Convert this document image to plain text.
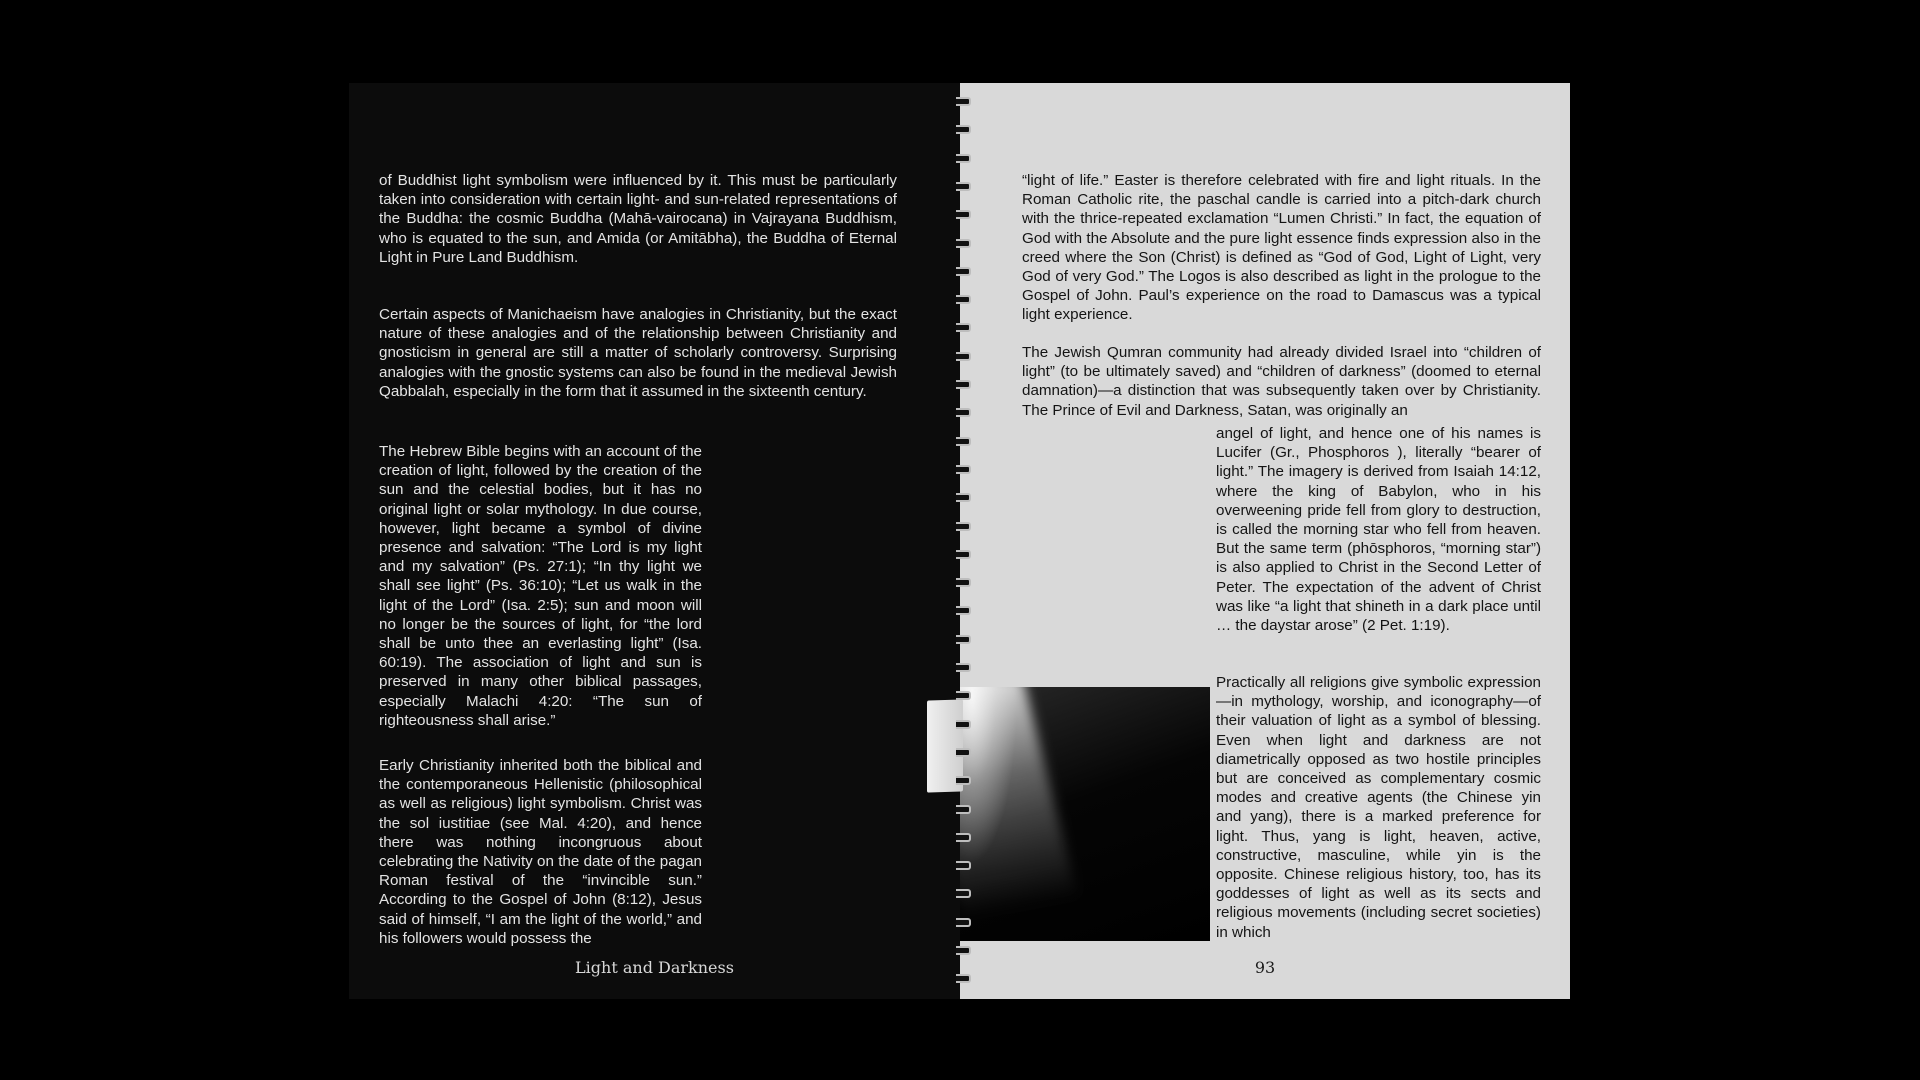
of Buddhist light symbolism were influenced by it. This must be particularly taken into consideration with certain light- and sun-related representations of the Buddha: the cosmic Buddha (Mahā-vairocana) in Vajrayana Buddhism, who is equated to the sun, and Amida (or Amitābha), the Buddha of Eternal Light in Pure Land Buddhism.

Certain aspects of Manichaeism have analogies in Christianity, but the exact nature of these analogies and of the relationship between Christianity and gnosticism in general are still a matter of scholarly controversy. Surprising analogies with the gnostic systems can also be found in the medieval Jewish Qabbalah, especially in the form that it assumed in the sixteenth century.

The Hebrew Bible begins with an account of the creation of light, followed by the creation of the sun and the celestial bodies, but it has no original light or solar mythology. In due course, however, light became a symbol of divine presence and salvation: “The Lord is my light and my salvation” (Ps. 27:1); “In thy light we shall see light” (Ps. 36:10); “Let us walk in the light of the Lord” (Isa. 2:5); sun and moon will no longer be the sources of light, for “the lord shall be unto thee an everlasting light” (Isa. 60:19). The association of light and sun is preserved in many other biblical passages, especially Malachi 4:20: “The sun of righteousness shall arise.”

Early Christianity inherited both the biblical and the contemporaneous Hellenistic (philosophical as well as religious) light symbolism. Christ was the sol iustitiae (see Mal. 4:20), and hence there was nothing incongruous about celebrating the Nativity on the date of the pagan Roman festival of the “invincible sun.” According to the Gospel of John (8:12), Jesus said of himself, “I am the light of the world,” and his followers would possess the

Light and Darkness

“light of life.” Easter is therefore celebrated with fire and light rituals. In the Roman Catholic rite, the paschal candle is carried into a pitch-dark church with the thrice-repeated exclamation “Lumen Christi.” In fact, the equation of God with the Absolute and the pure light essence finds expression also in the creed where the Son (Christ) is defined as “God of God, Light of Light, very God of very God.” The Logos is also described as light in the prologue to the Gospel of John. Paul’s experience on the road to Damascus was a typical light experience.

The Jewish Qumran community had already divided Israel into “children of light” (to be ultimately saved) and “children of darkness” (doomed to eternal damnation)—a distinction that was subsequently taken over by Christianity. The Prince of Evil and Darkness, Satan, was originally an

angel of light, and hence one of his names is Lucifer (Gr., Phosphoros ), literally “bearer of light.” The imagery is derived from Isaiah 14:12, where the king of Babylon, who in his overweening pride fell from glory to destruction, is called the morning star who fell from heaven. But the same term (phōsphoros, “morning star”) is also applied to Christ in the Second Letter of Peter. The expectation of the advent of Christ was like “a light that shineth in a dark place until … the daystar arose” (2 Pet. 1:19).

Practically all religions give symbolic expression—in mythology, worship, and iconography—of their valuation of light as a symbol of blessing. Even when light and darkness are not diametrically opposed as two hostile principles but are conceived as complementary cosmic modes and creative agents (the Chinese yin and yang), there is a marked preference for light. Thus, yang is light, heaven, active, constructive, masculine, while yin is the opposite. Chinese religious history, too, has its goddesses of light as well as its sects and religious movements (including secret societies) in which

93
